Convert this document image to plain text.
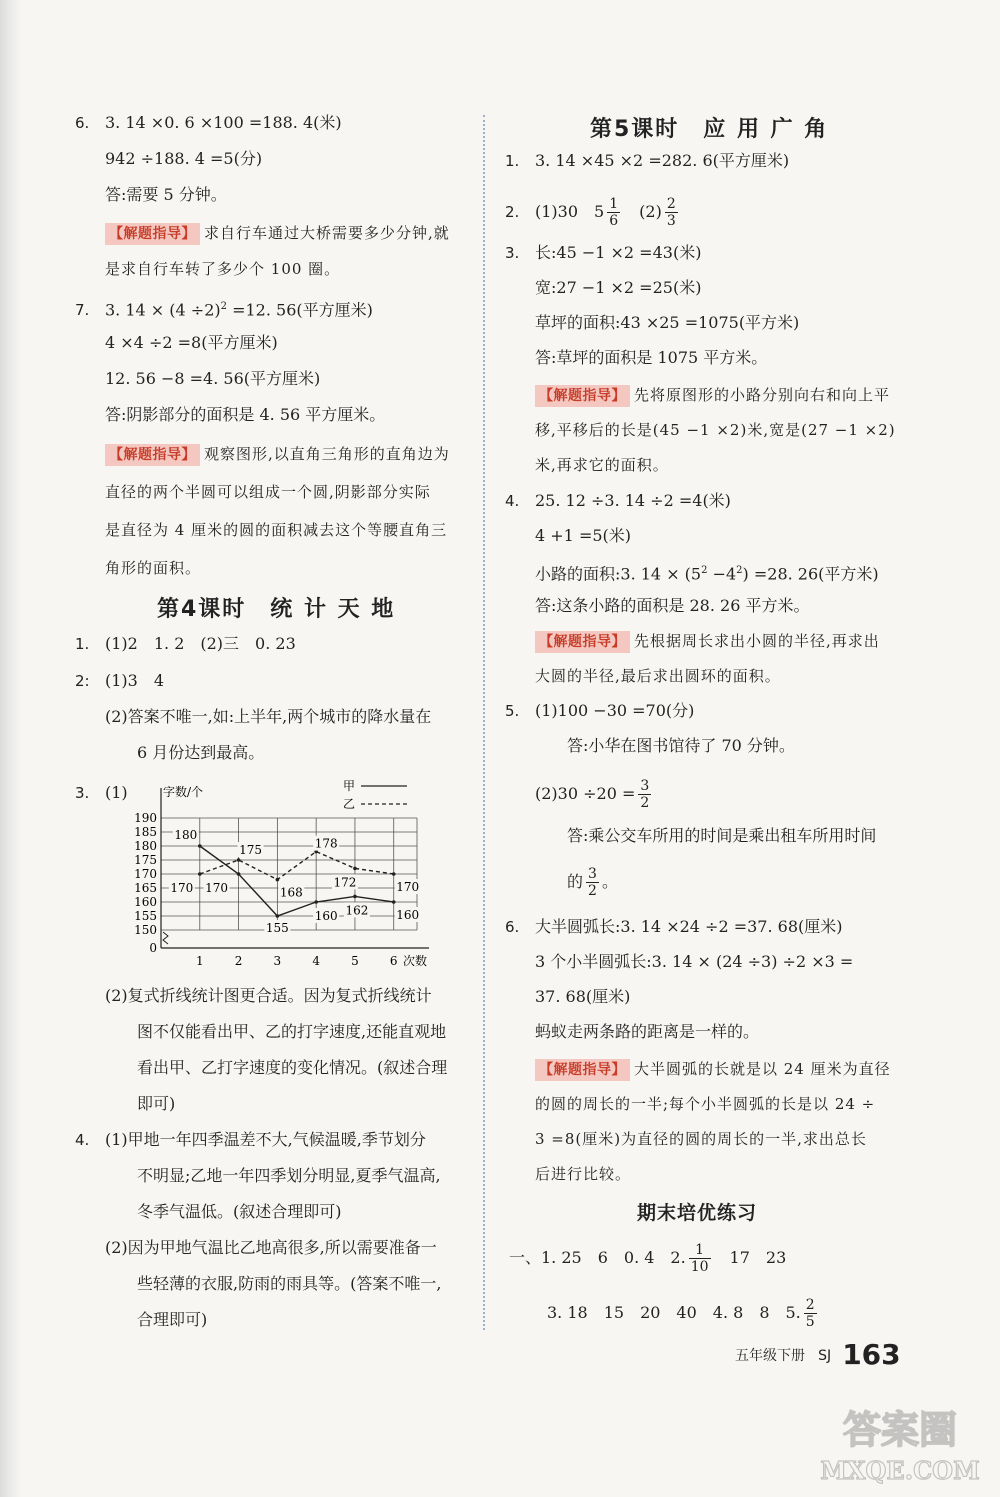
6. 3. 14 ×0. 6 ×100 =188. 4(米)
942 ÷188. 4 =5(分)
答:需要 5 分钟。
【解题指导】 求自行车通过大桥需要多少分钟,就
是求自行车转了多少个 100 圈。
7. 3. $14 \times (4 \div 2)^2 =12$. 56(平方厘米)
4 ×4 ÷2 =8(平方厘米)
12. 56 −8 =4. 56(平方厘米)
答:阴影部分的面积是 4. 56 平方厘米。
【解题指导】 观察图形,以直角三角形的直角边为
直径的两个半圆可以组成一个圆,阴影部分实际
是直径为 4 厘米的圆的面积减去这个等腰直角三
角形的面积。
第4课时　统 计 天 地
1. (1)2　1. 2　(2)三　0. 23
2: (1)3　4
(2)答案不唯一,如:上半年,两个城市的降水量在
6 月份达到最高。
3. (1)
0
150
155
160
165
170
175
180
185
190
1	2	3	4	5	6
字数/个
次数
甲
乙
180
170
155
160 162 160
170
175
168
178
172	170
(2)复式折线统计图更合适。因为复式折线统计
图不仅能看出甲、乙的打字速度,还能直观地
看出甲、乙打字速度的变化情况。(叙述合理
即可)
4. (1)甲地一年四季温差不大,气候温暖,季节划分
不明显;乙地一年四季划分明显,夏季气温高,
冬季气温低。(叙述合理即可)
(2)因为甲地气温比乙地高很多,所以需要准备一
些轻薄的衣服,防雨的雨具等。(答案不唯一,
合理即可)
第5课时　应 用 广 角
1. 3. 14 ×45 ×2 =282. 6(平方厘米)
2. (1)30　$5 \frac{1}{6}$
　 $(2) \frac{2}{3}$
3. 长:45 −1 ×2 =43(米)
宽:27 −1 ×2 =25(米)
草坪的面积:43 ×25 =1075(平方米)
答:草坪的面积是 1075 平方米。
【解题指导】 先将原图形的小路分别向右和向上平
移,平移后的长是(45 −1 ×2)米,宽是(27 −1 ×2)
米,再求它的面积。
4. 25. 12 ÷3. 14 ÷2 =4(米)
4 +1 =5(米)
小路的面积:3. $14 \times (5^2 -4^2) =28$. 26(平方米)
答:这条小路的面积是 28. 26 平方米。
【解题指导】 先根据周长求出小圆的半径,再求出
大圆的半径,最后求出圆环的面积。
5. (1)100 −30 =70(分)
答:小华在图书馆待了 70 分钟。
$(2)30 \div 20 = \frac{3}{2}$
答:乘公交车所用的时间是乘出租车所用时间
的 $\frac{3}{2}$ 。
6. 大半圆弧长:3. 14 ×24 ÷2 =37. 68(厘米)
3 个小半圆弧长:3. 14 × (24 ÷3) ÷2 ×3 =
37. 68(厘米)
蚂蚁走两条路的距离是一样的。
【解题指导】 大半圆弧的长就是以 24 厘米为直径
的圆的周长的一半;每个小半圆弧的长是以 24 ÷
3 =8(厘米)为直径的圆的周长的一半,求出总长
后进行比较。
期末培优练习
一、1. 25　6　0. 4　2. $\frac{1}{10}$
　 17　23
3. 18　15　20　40　4. 8　8　5. $\frac{2}{5}$
五年级下册 SJ 163
答案圈
MXQE.COM
